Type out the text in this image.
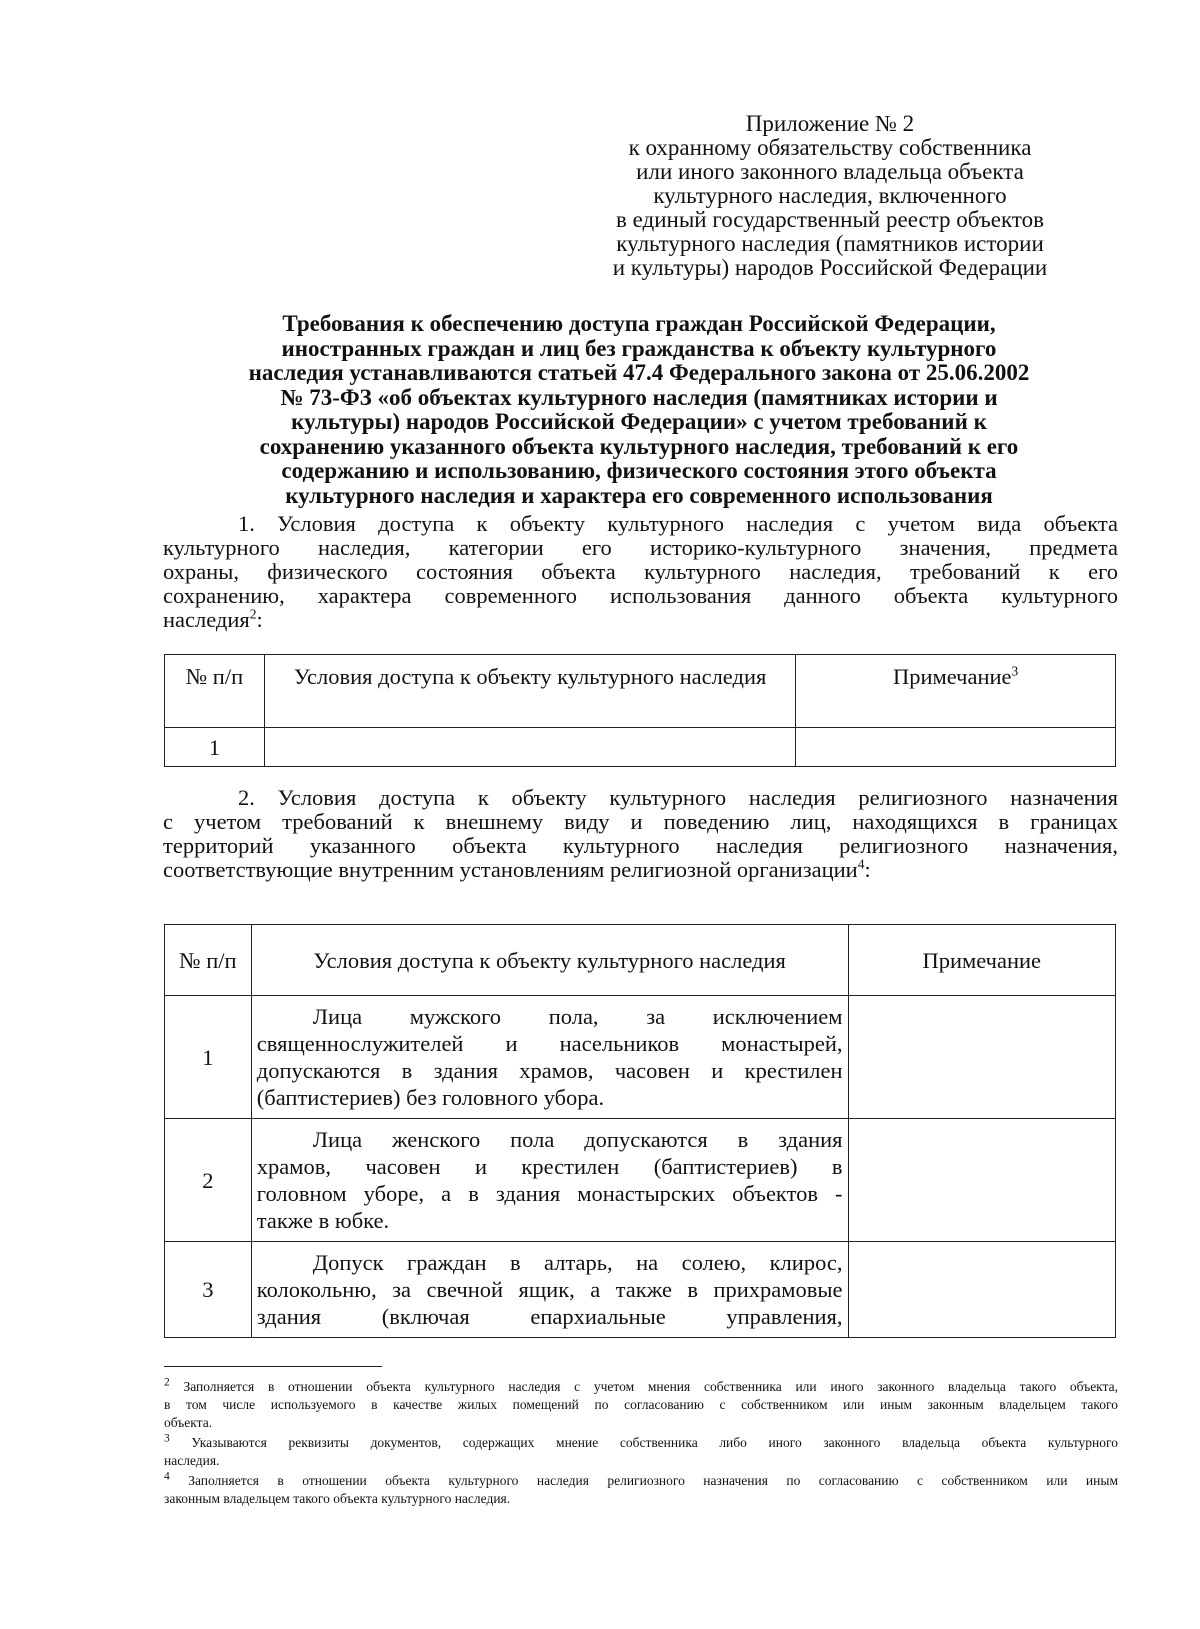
Приложение № 2
к охранному обязательству собственника
или иного законного владельца объекта
культурного наследия, включенного
в единый государственный реестр объектов
культурного наследия (памятников истории
и культуры) народов Российской Федерации
Требования к обеспечению доступа граждан Российской Федерации,
иностранных граждан и лиц без гражданства к объекту культурного
наследия устанавливаются статьей 47.4 Федерального закона от 25.06.2002
№ 73-ФЗ «об объектах культурного наследия (памятниках истории и
культуры) народов Российской Федерации» с учетом требований к
сохранению указанного объекта культурного наследия, требований к его
содержанию и использованию, физического состояния этого объекта
культурного наследия и характера его современного использования
1. Условия доступа к объекту культурного наследия с учетом вида объекта
культурного наследия, категории его историко-культурного значения, предмета
охраны, физического состояния объекта культурного наследия, требований к его
сохранению, характера современного использования данного объекта культурного
наследия$^2$:
№ п/п	Условия доступа к объекту культурного наследия	Примечание$^3$
1		
2. Условия доступа к объекту культурного наследия религиозного назначения
с учетом требований к внешнему виду и поведению лиц, находящихся в границах
территорий указанного объекта культурного наследия религиозного назначения,
соответствующие внутренним установлениям религиозной организации$^4$:
№ п/п	Условия доступа к объекту культурного наследия	Примечание
1	Лица мужского пола, за исключением
священнослужителей и насельников монастырей,
допускаются в здания храмов, часовен и крестилен
(баптистериев) без головного убора.	

2	Лица женского пола допускаются в здания
храмов, часовен и крестилен (баптистериев) в
головном уборе, а в здания монастырских объектов -
также в юбке.	

3	Допуск граждан в алтарь, на солею, клирос,
колокольню, за свечной ящик, а также в прихрамовые
здания (включая епархиальные управления,	

$^2$ Заполняется в отношении объекта культурного наследия с учетом мнения собственника или иного законного владельца такого объекта,
в том числе используемого в качестве жилых помещений по согласованию с собственником или иным законным владельцем такого
объекта.
$^3$ Указываются реквизиты документов, содержащих мнение собственника либо иного законного владельца объекта культурного
наследия.
$^4$ Заполняется в отношении объекта культурного наследия религиозного назначения по согласованию с собственником или иным
законным владельцем такого объекта культурного наследия.
